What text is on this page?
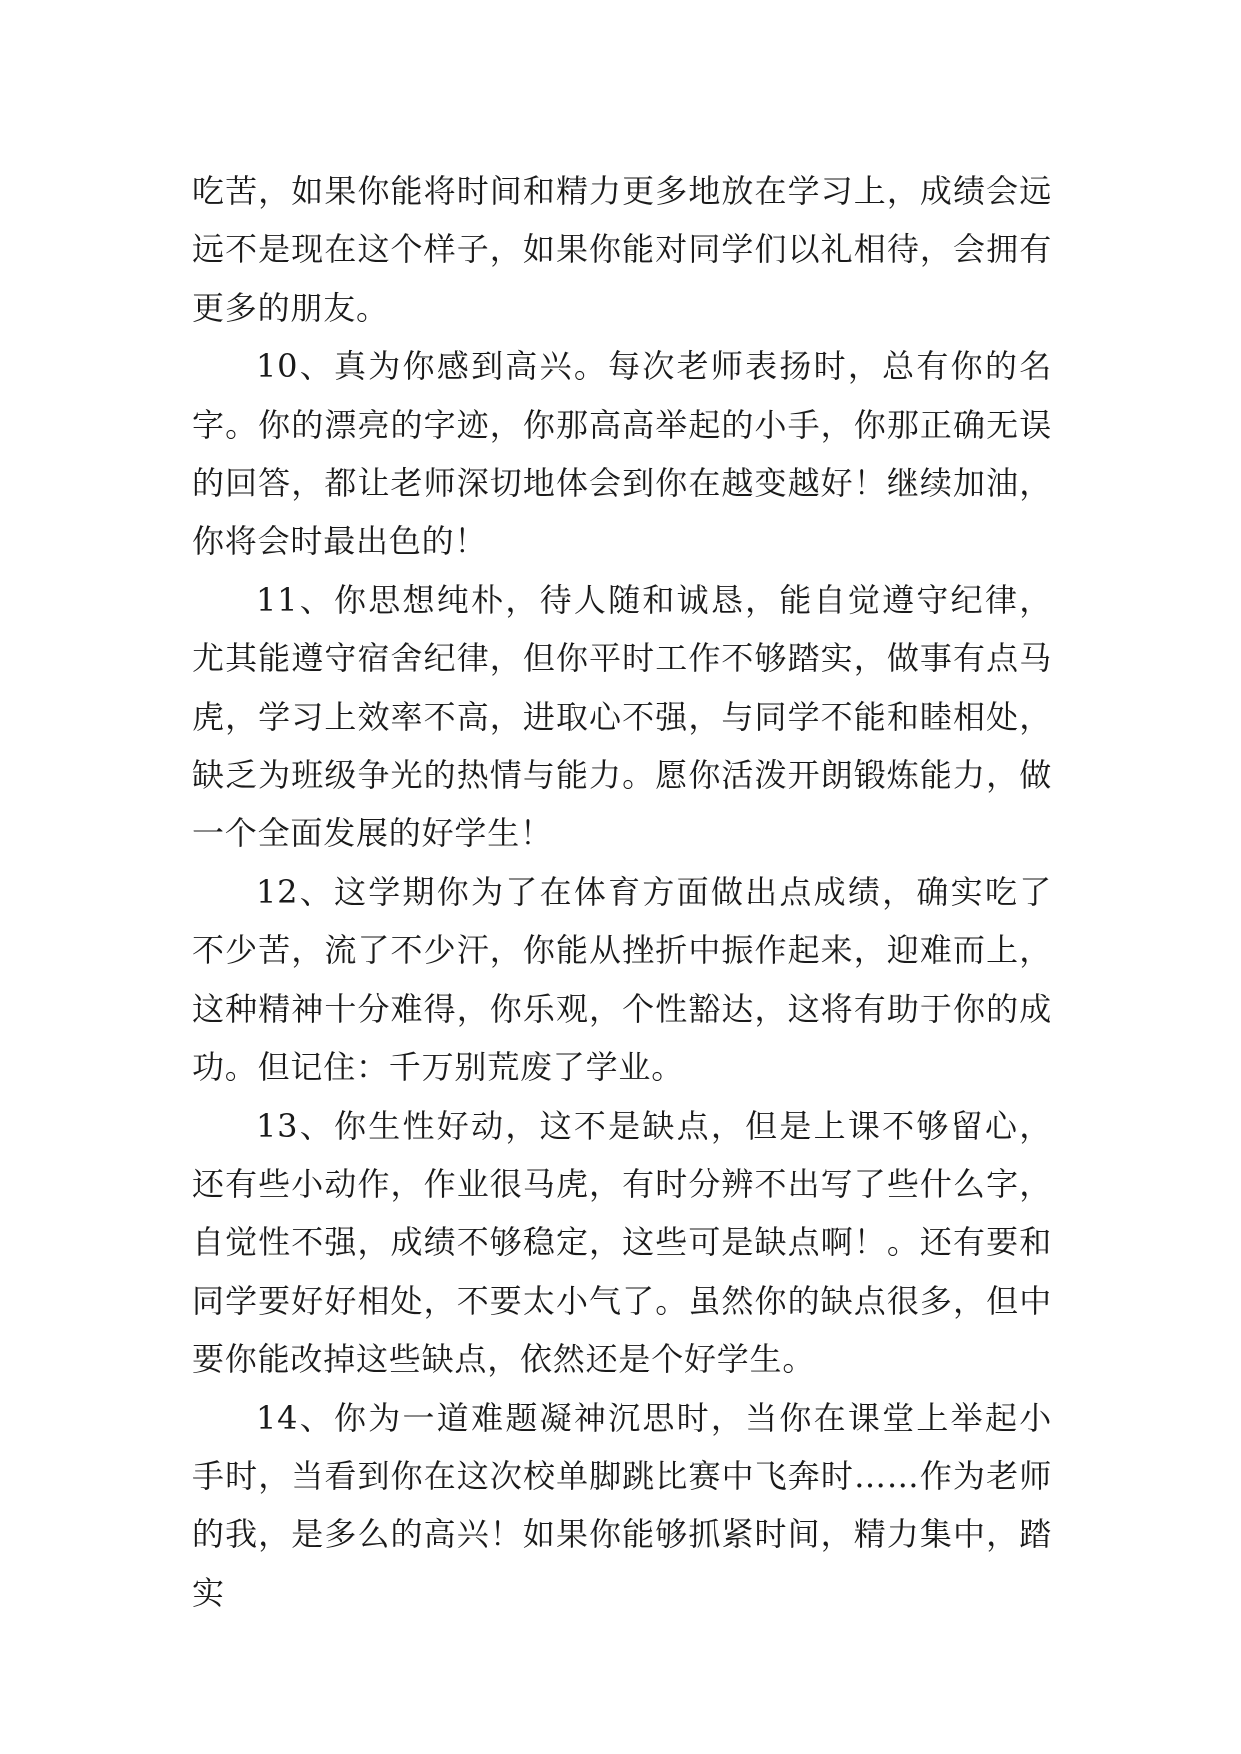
吃苦，如果你能将时间和精力更多地放在学习上，成绩会远远不是现在这个样子，如果你能对同学们以礼相待，会拥有更多的朋友。

10、真为你感到高兴。每次老师表扬时，总有你的名字。你的漂亮的字迹，你那高高举起的小手，你那正确无误的回答，都让老师深切地体会到你在越变越好！继续加油，你将会时最出色的！

11、你思想纯朴，待人随和诚恳，能自觉遵守纪律，尤其能遵守宿舍纪律，但你平时工作不够踏实，做事有点马虎，学习上效率不高，进取心不强，与同学不能和睦相处，缺乏为班级争光的热情与能力。愿你活泼开朗锻炼能力，做一个全面发展的好学生！

12、这学期你为了在体育方面做出点成绩，确实吃了不少苦，流了不少汗，你能从挫折中振作起来，迎难而上，这种精神十分难得，你乐观，个性豁达，这将有助于你的成功。但记住：千万别荒废了学业。

13、你生性好动，这不是缺点，但是上课不够留心，还有些小动作，作业很马虎，有时分辨不出写了些什么字，自觉性不强，成绩不够稳定，这些可是缺点啊！。还有要和同学要好好相处，不要太小气了。虽然你的缺点很多，但中要你能改掉这些缺点，依然还是个好学生。

14、你为一道难题凝神沉思时，当你在课堂上举起小手时，当看到你在这次校单脚跳比赛中飞奔时……作为老师的我，是多么的高兴！如果你能够抓紧时间，精力集中，踏实
